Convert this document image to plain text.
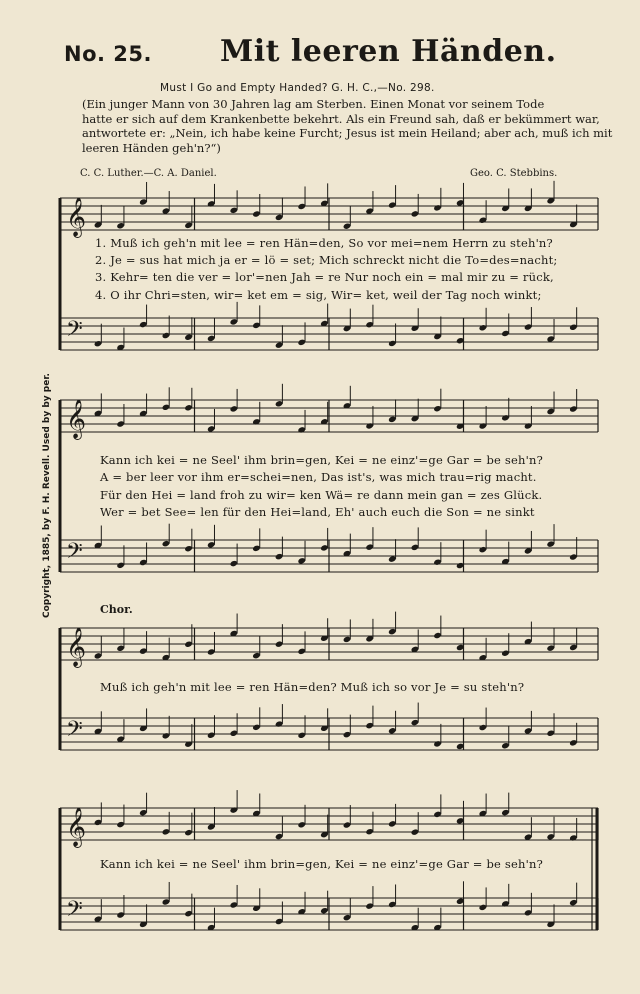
No. 25. Mit leeren Händen.
Must I Go and Empty Handed? G. H. C.,—No. 298.
(Ein junger Mann von 30 Jahren lag am Sterben. Einen Monat vor seinem Tode
hatte er sich auf dem Krankenbette bekehrt. Als ein Freund sah, daß er bekümmert war,
antwortete er: „Nein, ich habe keine Furcht; Jesus ist mein Heiland; aber ach, muß ich mit
leeren Händen geh'n?“)
C. C. Luther.—C. A. Daniel.	Geo. C. Stebbins.
Copyright, 1885, by F. H. Revell. Used by by per.
𝄞
𝄢
𝄞
𝄢
𝄞
𝄢
𝄞
𝄢
1. Muß ich geh'n mit lee = ren Hän=den, So vor mei=nem Herrn zu steh'n?
2. Je = sus hat mich ja er = lö = set; Mich schreckt nicht die To=des=nacht;
3. Kehr= ten die ver = lor'=nen Jah = re Nur noch ein = mal mir zu = rück,
4. O ihr Chri=sten, wir= ket em = sig, Wir= ket, weil der Tag noch winkt;
Kann ich kei = ne Seel' ihm brin=gen, Kei = ne einz'=ge Gar = be seh'n?
A = ber leer vor ihm er=schei=nen, Das ist's, was mich trau=rig macht.
Für den Hei = land froh zu wir= ken Wä= re dann mein gan = zes Glück.
Wer = bet See= len für den Hei=land, Eh' auch euch die Son = ne sinkt
Chor.
Muß ich geh'n mit lee = ren Hän=den? Muß ich so vor Je = su steh'n?
Kann ich kei = ne Seel' ihm brin=gen, Kei = ne einz'=ge Gar = be seh'n?
